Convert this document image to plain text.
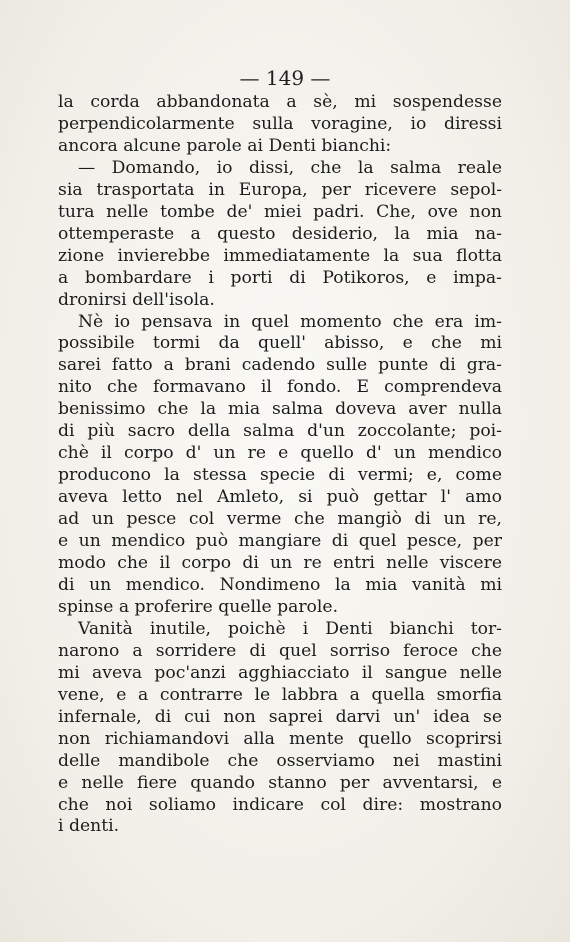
— 149 —
la corda abbandonata a sè, mi sospendesse
perpendicolarmente sulla voragine, io diressi
ancora alcune parole ai Denti bianchi:
— Domando, io dissi, che la salma reale
sia trasportata in Europa, per ricevere sepol-
tura nelle tombe de' miei padri. Che, ove non
ottemperaste a questo desiderio, la mia na-
zione invierebbe immediatamente la sua flotta
a bombardare i porti di Potikoros, e impa-
dronirsi dell'isola.
Nè io pensava in quel momento che era im-
possibile tormi da quell' abisso, e che mi
sarei fatto a brani cadendo sulle punte di gra-
nito che formavano il fondo. E comprendeva
benissimo che la mia salma doveva aver nulla
di più sacro della salma d'un zoccolante; poi-
chè il corpo d' un re e quello d' un mendico
producono la stessa specie di vermi; e, come
aveva letto nel Amleto, si può gettar l' amo
ad un pesce col verme che mangiò di un re,
e un mendico può mangiare di quel pesce, per
modo che il corpo di un re entri nelle viscere
di un mendico. Nondimeno la mia vanità mi
spinse a proferire quelle parole.
Vanità inutile, poichè i Denti bianchi tor-
narono a sorridere di quel sorriso feroce che
mi aveva poc'anzi agghiacciato il sangue nelle
vene, e a contrarre le labbra a quella smorfia
infernale, di cui non saprei darvi un' idea se
non richiamandovi alla mente quello scoprirsi
delle mandibole che osserviamo nei mastini
e nelle fiere quando stanno per avventarsi, e
che noi soliamo indicare col dire: mostrano
i denti.
